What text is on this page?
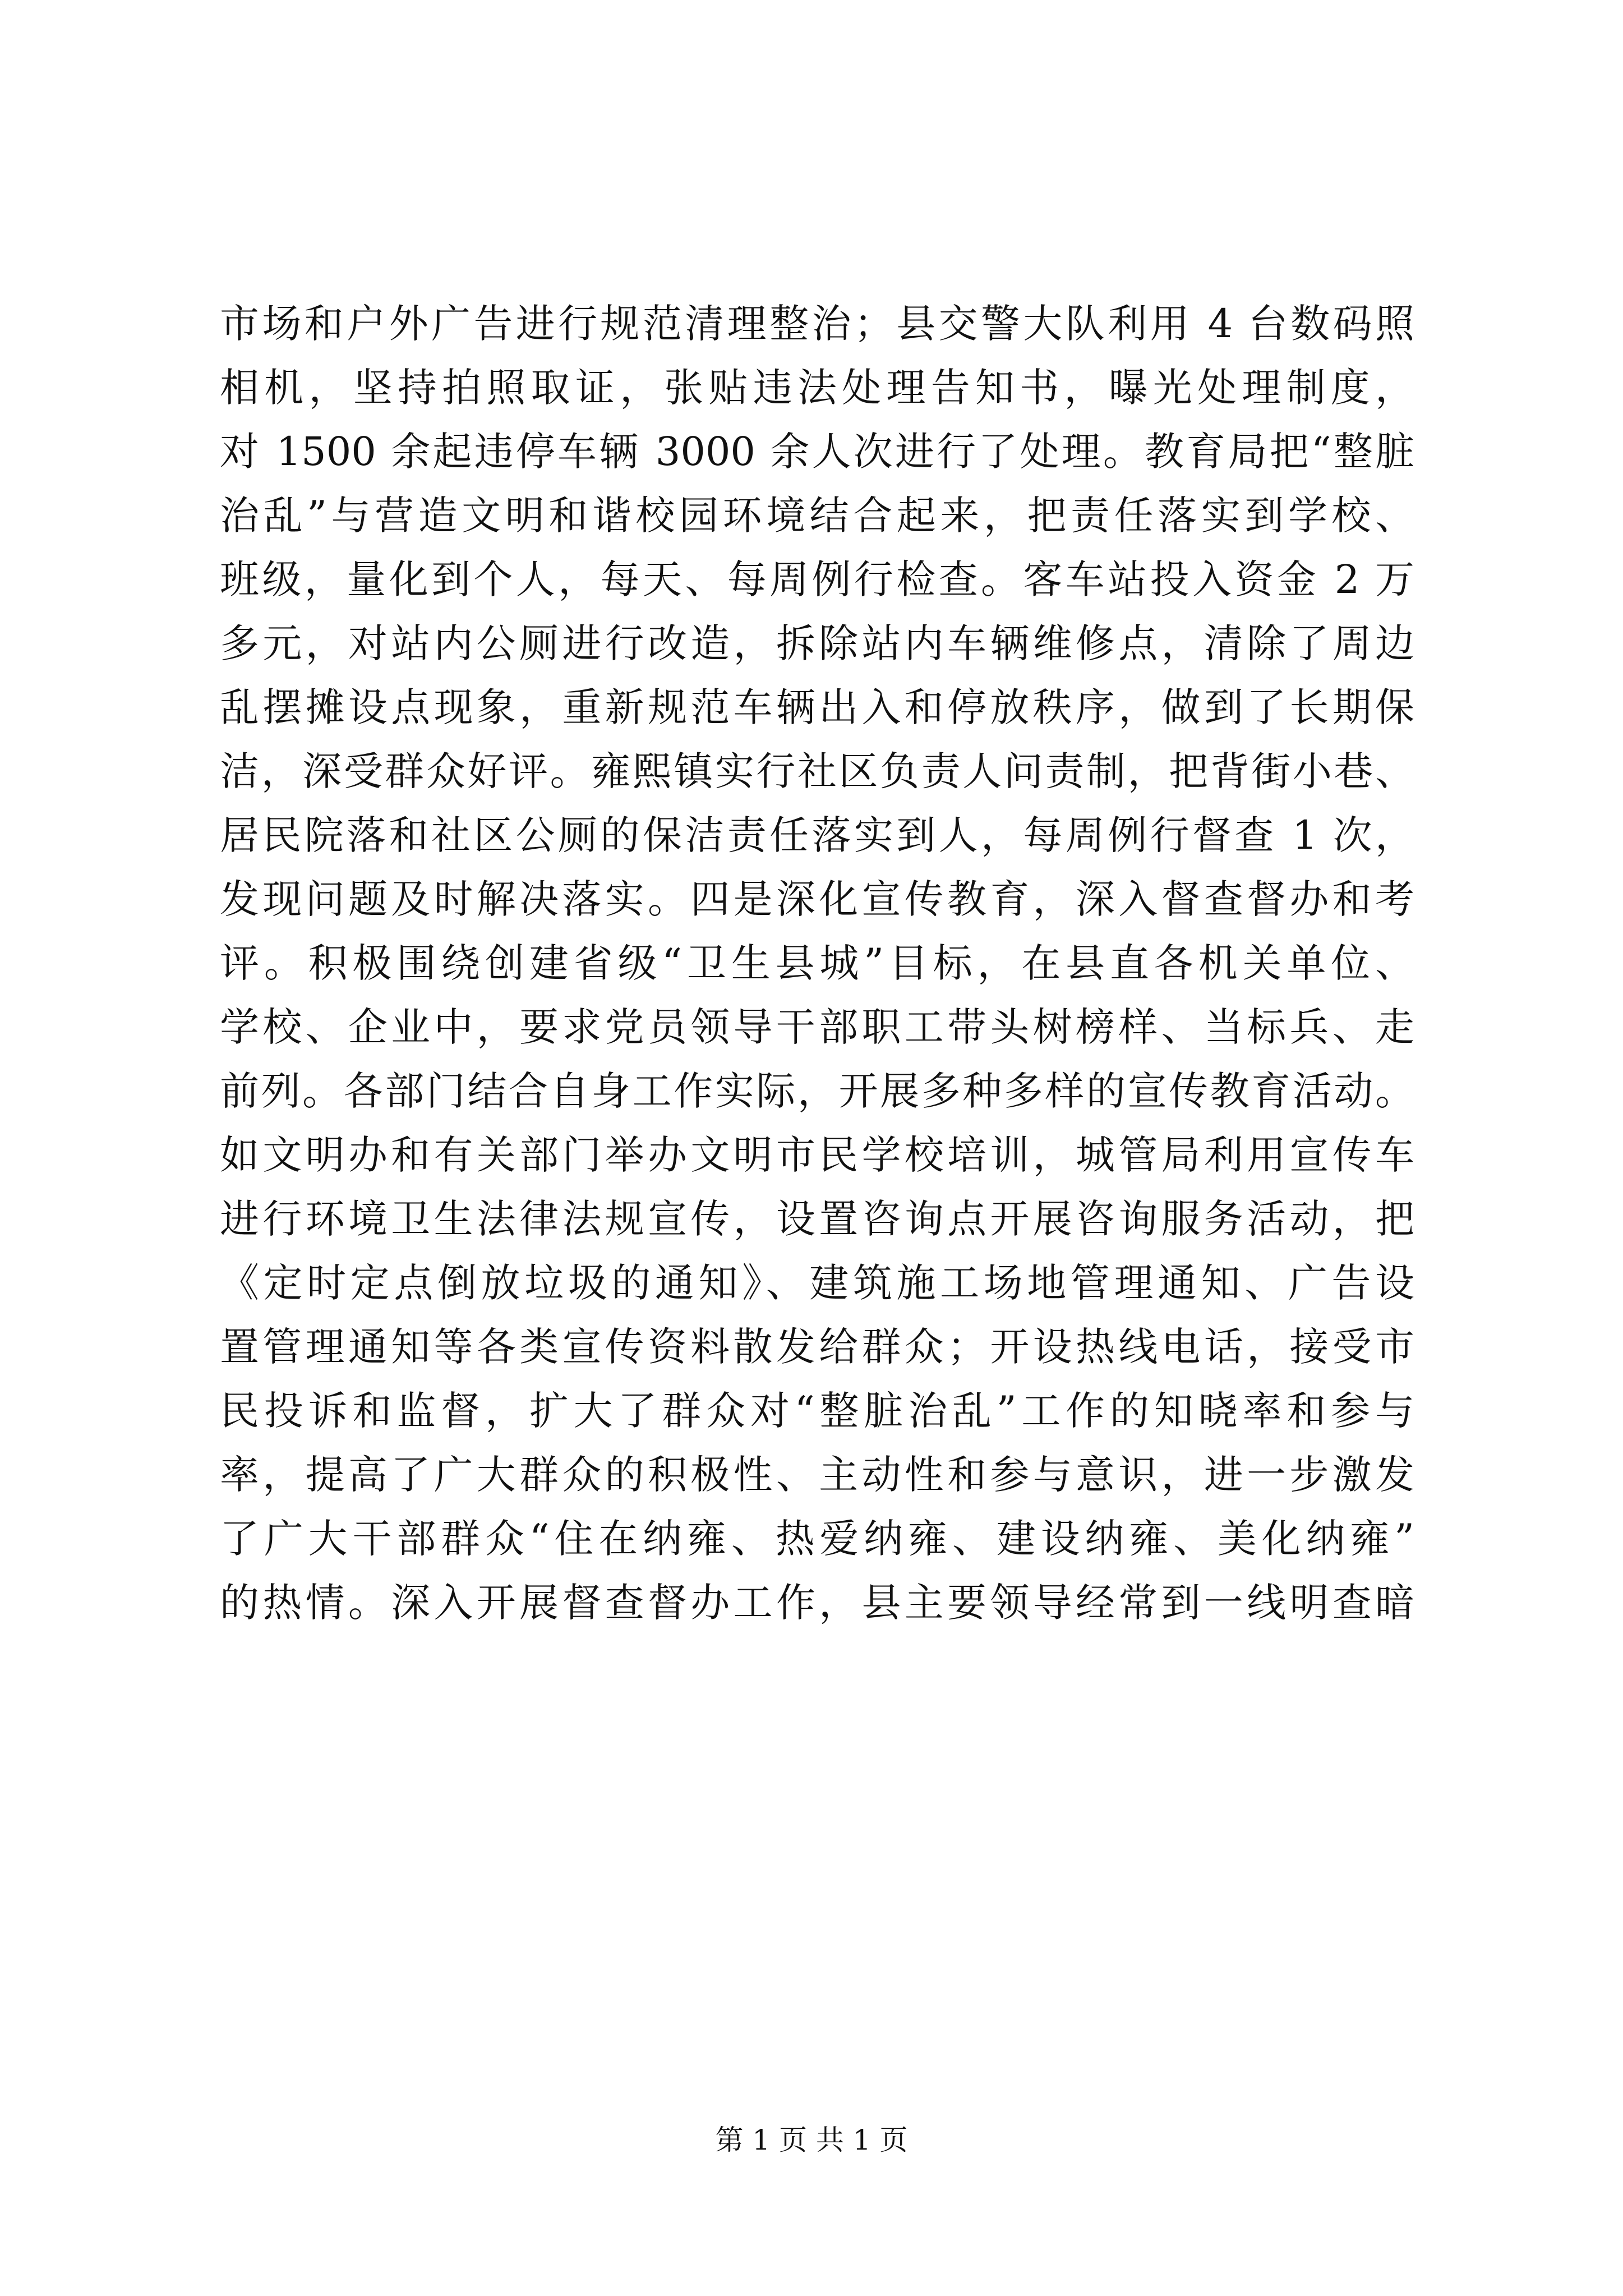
市场和户外广告进行规范清理整治；县交警大队利用 4 台数码照
相机，坚持拍照取证，张贴违法处理告知书，曝光处理制度，
对 1500 余起违停车辆 3000 余人次进行了处理。教育局把“整脏
治乱”与营造文明和谐校园环境结合起来，把责任落实到学校、
班级，量化到个人，每天、每周例行检查。客车站投入资金 2 万
多元，对站内公厕进行改造，拆除站内车辆维修点，清除了周边
乱摆摊设点现象，重新规范车辆出入和停放秩序，做到了长期保
洁，深受群众好评。雍熙镇实行社区负责人问责制，把背街小巷、
居民院落和社区公厕的保洁责任落实到人，每周例行督查 1 次，
发现问题及时解决落实。四是深化宣传教育，深入督查督办和考
评。积极围绕创建省级“卫生县城”目标，在县直各机关单位、
学校、企业中，要求党员领导干部职工带头树榜样、当标兵、走
前列。各部门结合自身工作实际，开展多种多样的宣传教育活动。
如文明办和有关部门举办文明市民学校培训，城管局利用宣传车
进行环境卫生法律法规宣传，设置咨询点开展咨询服务活动，把
《定时定点倒放垃圾的通知》、建筑施工场地管理通知、广告设
置管理通知等各类宣传资料散发给群众；开设热线电话，接受市
民投诉和监督，扩大了群众对“整脏治乱”工作的知晓率和参与
率，提高了广大群众的积极性、主动性和参与意识，进一步激发
了广大干部群众“住在纳雍、热爱纳雍、建设纳雍、美化纳雍”
的热情。深入开展督查督办工作，县主要领导经常到一线明查暗
第 1 页 共 1 页
